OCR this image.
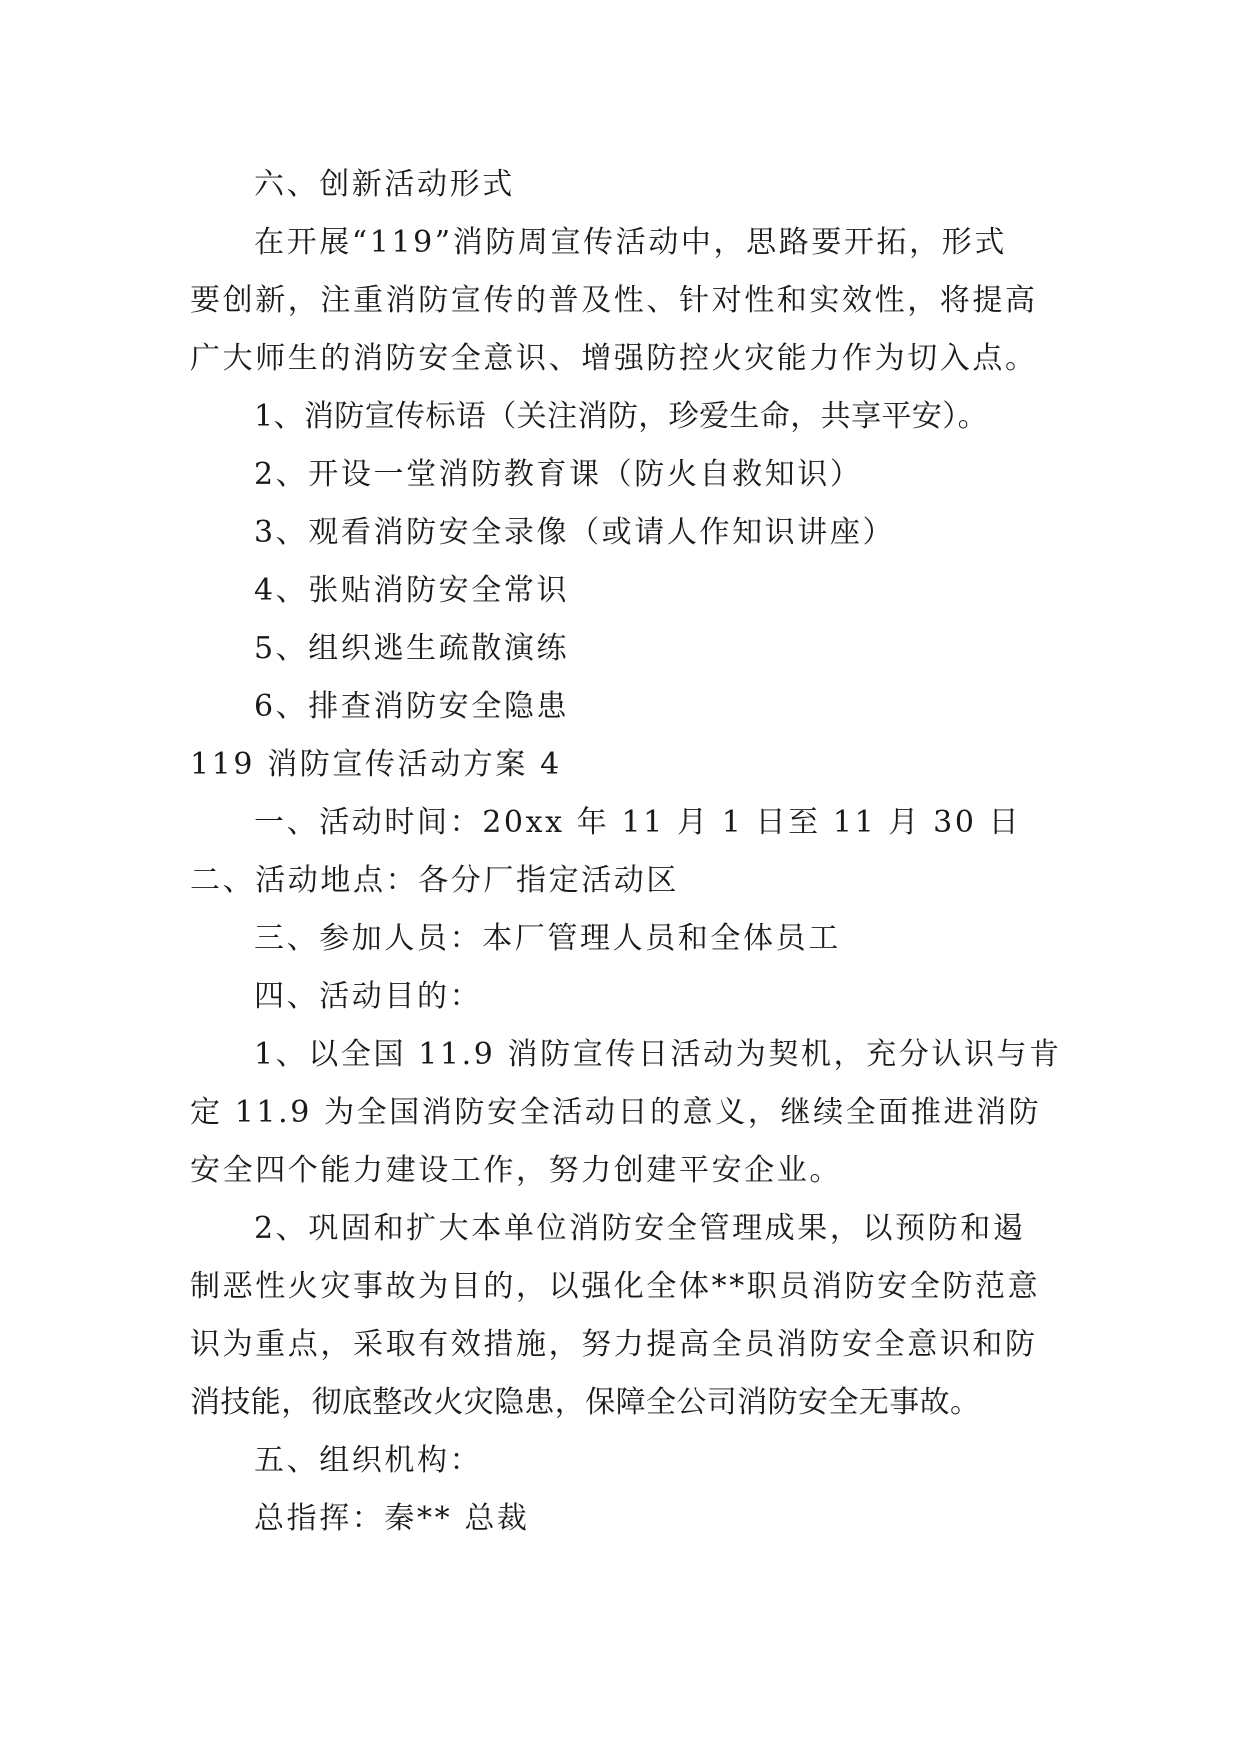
六、创新活动形式
在开展“119”消防周宣传活动中，思路要开拓，形式
要创新，注重消防宣传的普及性、针对性和实效性，将提高
广大师生的消防安全意识、增强防控火灾能力作为切入点。
1、消防宣传标语（关注消防，珍爱生命，共享平安）。
2、开设一堂消防教育课（防火自救知识）
3、观看消防安全录像（或请人作知识讲座）
4、张贴消防安全常识
5、组织逃生疏散演练
6、排查消防安全隐患
119 消防宣传活动方案 4
一、活动时间：20xx 年 11 月 1 日至 11 月 30 日
二、活动地点：各分厂指定活动区
三、参加人员：本厂管理人员和全体员工
四、活动目的：
1、以全国 11.9 消防宣传日活动为契机，充分认识与肯
定 11.9 为全国消防安全活动日的意义，继续全面推进消防
安全四个能力建设工作，努力创建平安企业。
2、巩固和扩大本单位消防安全管理成果，以预防和遏
制恶性火灾事故为目的，以强化全体**职员消防安全防范意
识为重点，采取有效措施，努力提高全员消防安全意识和防
消技能，彻底整改火灾隐患，保障全公司消防安全无事故。
五、组织机构：
总指挥：秦** 总裁
